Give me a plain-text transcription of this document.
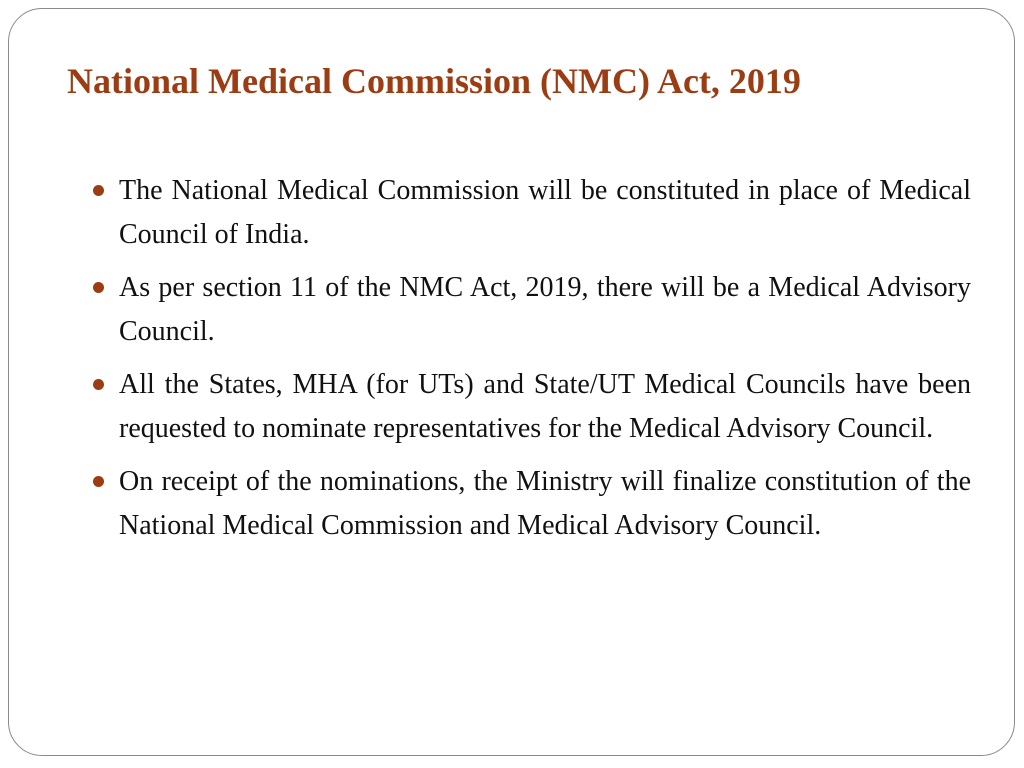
National Medical Commission (NMC) Act, 2019
The National Medical Commission will be constituted in place of Medical Council of India.
As per section 11 of the NMC Act, 2019, there will be a Medical Advisory Council.
All the States, MHA (for UTs) and State/UT Medical Councils have been requested to nominate representatives for the Medical Advisory Council.
On receipt of the nominations, the Ministry will finalize constitution of the National Medical Commission and Medical Advisory Council.
